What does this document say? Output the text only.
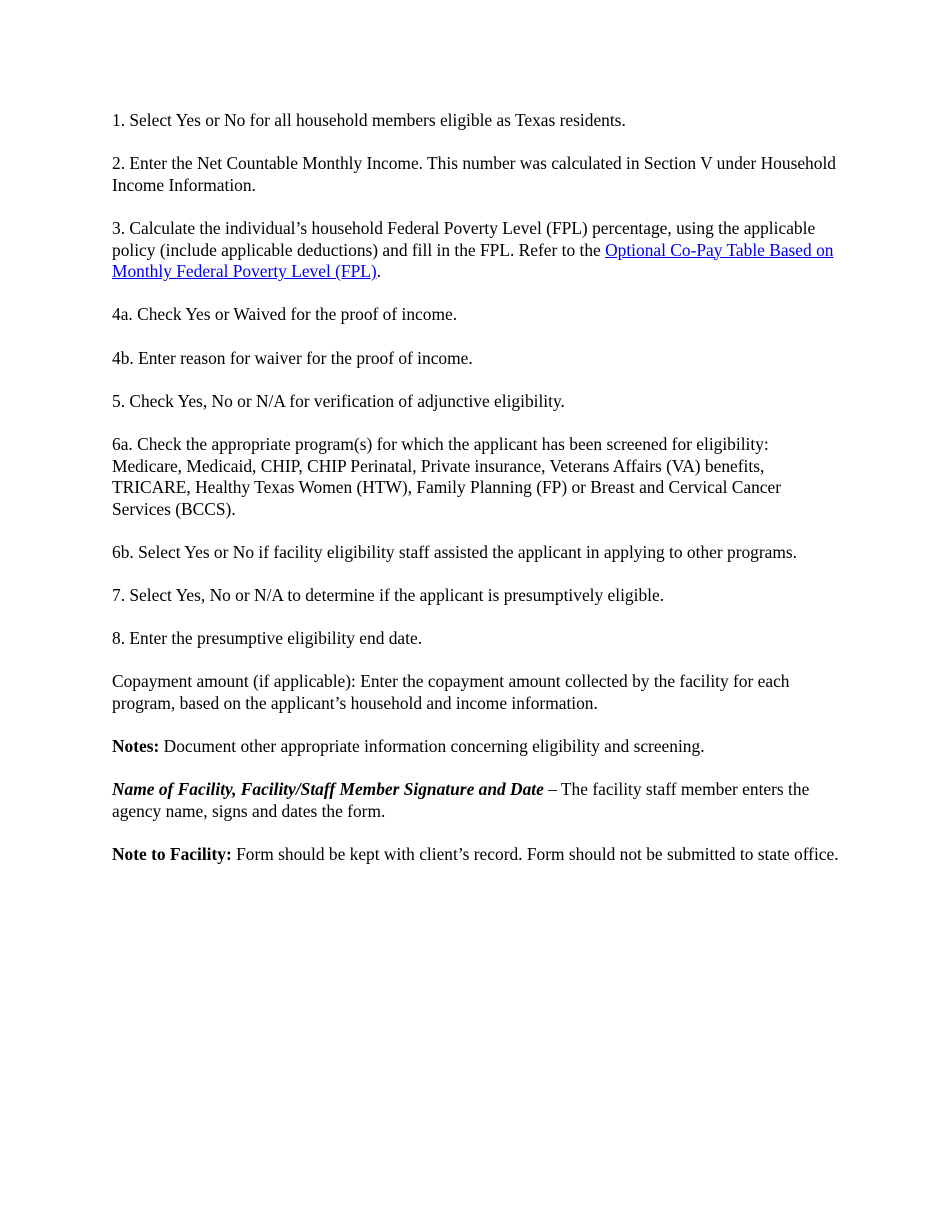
1. Select Yes or No for all household members eligible as Texas residents.

2. Enter the Net Countable Monthly Income. This number was calculated in Section V under Household Income Information.

3. Calculate the individual’s household Federal Poverty Level (FPL) percentage, using the applicable policy (include applicable deductions) and fill in the FPL. Refer to the Optional Co-Pay Table Based on Monthly Federal Poverty Level (FPL).

4a. Check Yes or Waived for the proof of income.

4b. Enter reason for waiver for the proof of income.

5. Check Yes, No or N/A for verification of adjunctive eligibility.

6a. Check the appropriate program(s) for which the applicant has been screened for eligibility: Medicare, Medicaid, CHIP, CHIP Perinatal, Private insurance, Veterans Affairs (VA) benefits, TRICARE, Healthy Texas Women (HTW), Family Planning (FP) or Breast and Cervical Cancer Services (BCCS).

6b. Select Yes or No if facility eligibility staff assisted the applicant in applying to other programs.

7. Select Yes, No or N/A to determine if the applicant is presumptively eligible.

8. Enter the presumptive eligibility end date.

Copayment amount (if applicable): Enter the copayment amount collected by the facility for each program, based on the applicant’s household and income information.

Notes: Document other appropriate information concerning eligibility and screening.

Name of Facility, Facility/Staff Member Signature and Date – The facility staff member enters the agency name, signs and dates the form.

Note to Facility: Form should be kept with client’s record. Form should not be submitted to state office.
